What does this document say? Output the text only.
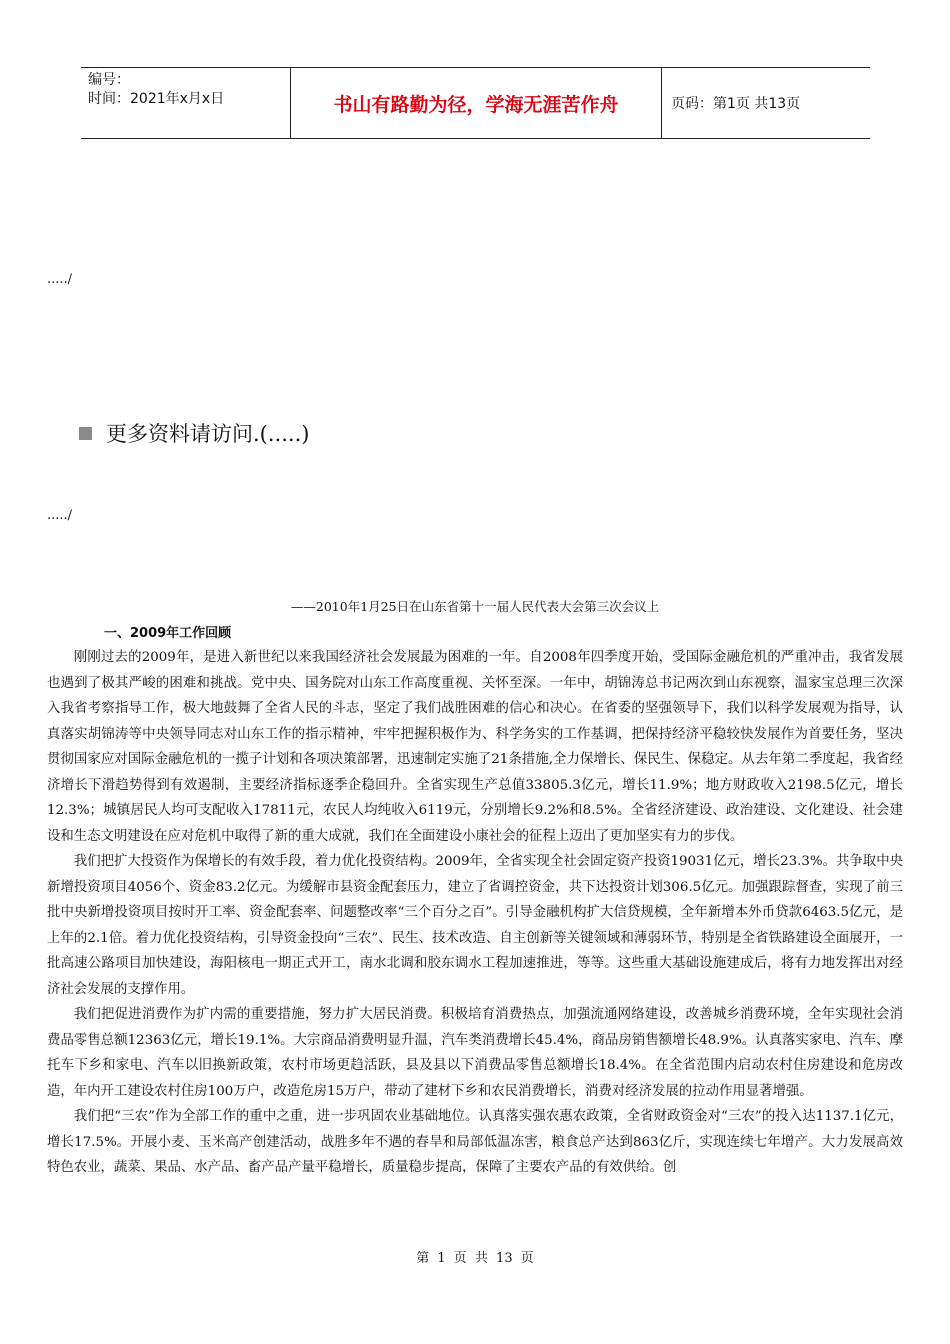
编号：
时间：2021年x月x日	书山有路勤为径，学海无涯苦作舟	页码：第1页 共13页
...../
更多资料请访问.(.....)
...../
——2010年1月25日在山东省第十一届人民代表大会第三次会议上
一、2009年工作回顾

刚刚过去的2009年，是进入新世纪以来我国经济社会发展最为困难的一年。自2008年四季度开始，受国际金融危机的严重冲击，我省发展也遇到了极其严峻的困难和挑战。党中央、国务院对山东工作高度重视、关怀至深。一年中，胡锦涛总书记两次到山东视察，温家宝总理三次深入我省考察指导工作，极大地鼓舞了全省人民的斗志，坚定了我们战胜困难的信心和决心。在省委的坚强领导下，我们以科学发展观为指导，认真落实胡锦涛等中央领导同志对山东工作的指示精神，牢牢把握积极作为、科学务实的工作基调，把保持经济平稳较快发展作为首要任务，坚决贯彻国家应对国际金融危机的一揽子计划和各项决策部署，迅速制定实施了21条措施,全力保增长、保民生、保稳定。从去年第二季度起，我省经济增长下滑趋势得到有效遏制，主要经济指标逐季企稳回升。全省实现生产总值33805.3亿元，增长11.9%；地方财政收入2198.5亿元，增长12.3%；城镇居民人均可支配收入17811元，农民人均纯收入6119元，分别增长9.2%和8.5%。全省经济建设、政治建设、文化建设、社会建设和生态文明建设在应对危机中取得了新的重大成就，我们在全面建设小康社会的征程上迈出了更加坚实有力的步伐。

我们把扩大投资作为保增长的有效手段，着力优化投资结构。2009年，全省实现全社会固定资产投资19031亿元，增长23.3%。共争取中央新增投资项目4056个、资金83.2亿元。为缓解市县资金配套压力，建立了省调控资金，共下达投资计划306.5亿元。加强跟踪督查，实现了前三批中央新增投资项目按时开工率、资金配套率、问题整改率“三个百分之百”。引导金融机构扩大信贷规模，全年新增本外币贷款6463.5亿元，是上年的2.1倍。着力优化投资结构，引导资金投向“三农”、民生、技术改造、自主创新等关键领域和薄弱环节，特别是全省铁路建设全面展开，一批高速公路项目加快建设，海阳核电一期正式开工，南水北调和胶东调水工程加速推进，等等。这些重大基础设施建成后，将有力地发挥出对经济社会发展的支撑作用。

我们把促进消费作为扩内需的重要措施，努力扩大居民消费。积极培育消费热点，加强流通网络建设，改善城乡消费环境，全年实现社会消费品零售总额12363亿元，增长19.1%。大宗商品消费明显升温，汽车类消费增长45.4%，商品房销售额增长48.9%。认真落实家电、汽车、摩托车下乡和家电、汽车以旧换新政策，农村市场更趋活跃，县及县以下消费品零售总额增长18.4%。在全省范围内启动农村住房建设和危房改造，年内开工建设农村住房100万户，改造危房15万户，带动了建材下乡和农民消费增长，消费对经济发展的拉动作用显著增强。

我们把“三农”作为全部工作的重中之重，进一步巩固农业基础地位。认真落实强农惠农政策，全省财政资金对“三农”的投入达1137.1亿元，增长17.5%。开展小麦、玉米高产创建活动，战胜多年不遇的春旱和局部低温冻害，粮食总产达到863亿斤，实现连续七年增产。大力发展高效特色农业，蔬菜、果品、水产品、畜产品产量平稳增长，质量稳步提高，保障了主要农产品的有效供给。创

第 1 页 共 13 页
